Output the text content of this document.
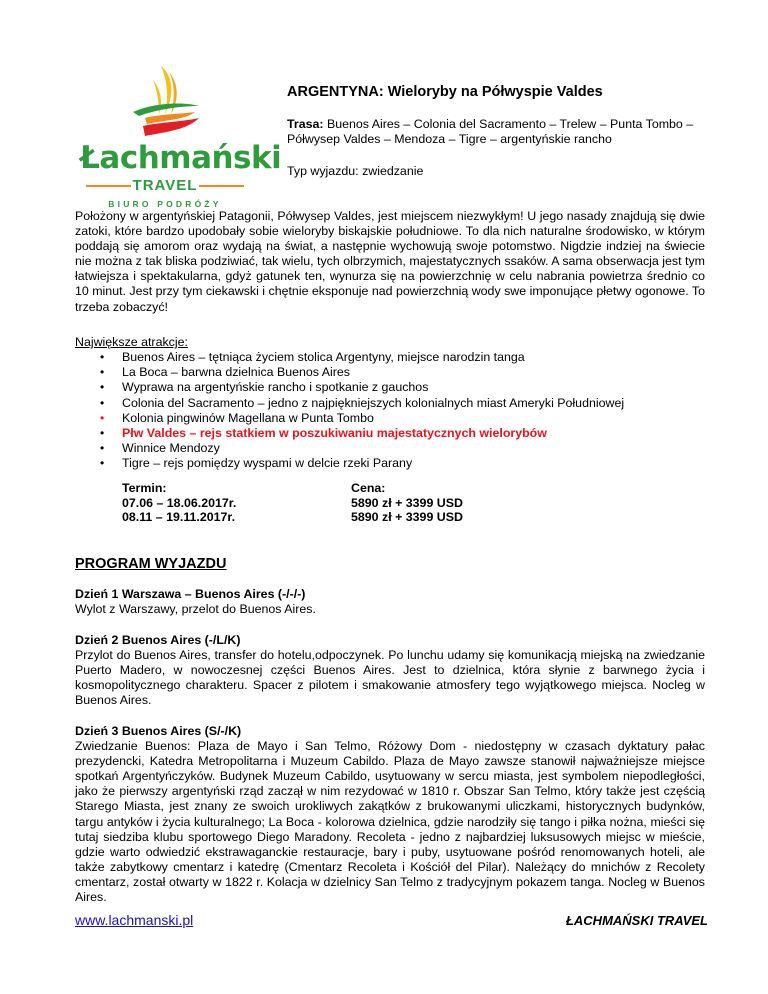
Łachmański
TRAVEL
BIURO PODRÓŻY
ARGENTYNA: Wieloryby na Półwyspie Valdes
Trasa: Buenos Aires – Colonia del Sacramento – Trelew – Punta Tombo – Półwysep Valdes – Mendoza – Tigre – argentyńskie rancho
Typ wyjazdu: zwiedzanie
Położony w argentyńskiej Patagonii, Półwysep Valdes, jest miejscem niezwykłym! U jego nasady znajdują się dwie zatoki, które bardzo upodobały sobie wieloryby biskajskie południowe. To dla nich naturalne środowisko, w którym poddają się amorom oraz wydają na świat, a następnie wychowują swoje potomstwo. Nigdzie indziej na świecie nie można z tak bliska podziwiać, tak wielu, tych olbrzymich, majestatycznych ssaków. A sama obserwacja jest tym łatwiejsza i spektakularna, gdyż gatunek ten, wynurza się na powierzchnię w celu nabrania powietrza średnio co 10 minut. Jest przy tym ciekawski i chętnie eksponuje nad powierzchnią wody swe imponujące płetwy ogonowe. To trzeba zobaczyć!
Największe atrakcje:
•
Buenos Aires – tętniąca życiem stolica Argentyny, miejsce narodzin tanga
•
La Boca – barwna dzielnica Buenos Aires
•
Wyprawa na argentyńskie rancho i spotkanie z gauchos
•
Colonia del Sacramento – jedno z najpiękniejszych kolonialnych miast Ameryki Południowej
•
Kolonia pingwinów Magellana w Punta Tombo
•
Płw Valdes – rejs statkiem w poszukiwaniu majestatycznych wielorybów
•
Winnice Mendozy
•
Tigre – rejs pomiędzy wyspami w delcie rzeki Parany
Termin:
07.06 – 18.06.2017r.
08.11 – 19.11.2017r.
Cena:
5890 zł + 3399 USD
5890 zł + 3399 USD
PROGRAM WYJAZDU
Dzień 1 Warszawa – Buenos Aires (-/-/-)
Wylot z Warszawy, przelot do Buenos Aires.
Dzień 2 Buenos Aires (-/L/K)
Przylot do Buenos Aires, transfer do hotelu,odpoczynek. Po lunchu udamy się komunikacją miejską na zwiedzanie Puerto Madero, w nowoczesnej części Buenos Aires. Jest to dzielnica, która słynie z barwnego życia i kosmopolitycznego charakteru. Spacer z pilotem i smakowanie atmosfery tego wyjątkowego miejsca. Nocleg w Buenos Aires.
Dzień 3 Buenos Aires (S/-/K)
Zwiedzanie Buenos: Plaza de Mayo i San Telmo, Różowy Dom - niedostępny w czasach dyktatury pałac prezydencki, Katedra Metropolitarna i Muzeum Cabildo. Plaza de Mayo zawsze stanowił najważniejsze miejsce spotkań Argentyńczyków. Budynek Muzeum Cabildo, usytuowany w sercu miasta, jest symbolem niepodległości, jako że pierwszy argentyński rząd zaczął w nim rezydować w 1810 r. Obszar San Telmo, który także jest częścią Starego Miasta, jest znany ze swoich urokliwych zakątków z brukowanymi uliczkami, historycznych budynków, targu antyków i życia kulturalnego; La Boca - kolorowa dzielnica, gdzie narodziły się tango i piłka nożna, mieści się tutaj siedziba klubu sportowego Diego Maradony. Recoleta - jedno z najbardziej luksusowych miejsc w mieście, gdzie warto odwiedzić ekstrawaganckie restauracje, bary i puby, usytuowane pośród renomowanych hoteli, ale także zabytkowy cmentarz i katedrę (Cmentarz Recoleta i Kościół del Pilar). Należący do mnichów z Recolety cmentarz, został otwarty w 1822 r. Kolacja w dzielnicy San Telmo z tradycyjnym pokazem tanga. Nocleg w Buenos Aires.
www.lachmanski.pl	ŁACHMAŃSKI TRAVEL
